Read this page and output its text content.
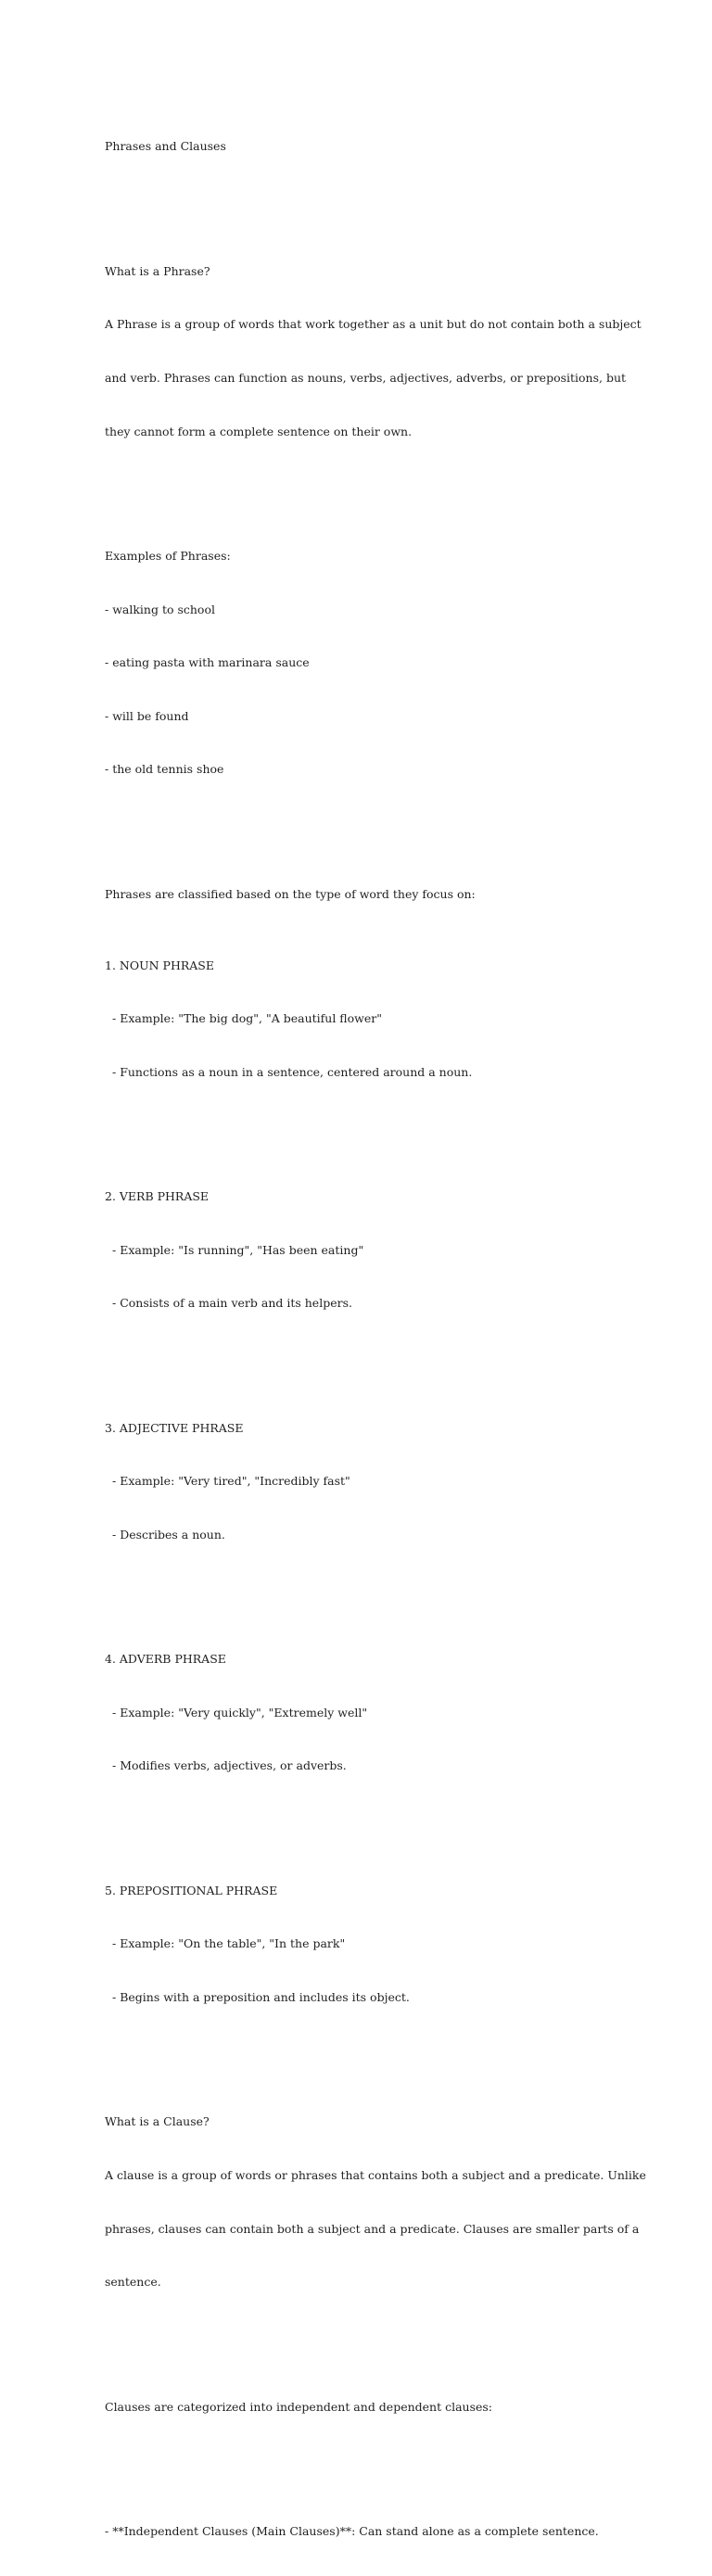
Phrases and Clauses

What is a Phrase?

A Phrase is a group of words that work together as a unit but do not contain both a subject

and verb. Phrases can function as nouns, verbs, adjectives, adverbs, or prepositions, but

they cannot form a complete sentence on their own.

Examples of Phrases:

- walking to school

- eating pasta with marinara sauce

- will be found

- the old tennis shoe

Phrases are classified based on the type of word they focus on:

1. NOUN PHRASE

- Example: "The big dog", "A beautiful flower"

- Functions as a noun in a sentence, centered around a noun.

2. VERB PHRASE

- Example: "Is running", "Has been eating"

- Consists of a main verb and its helpers.

3. ADJECTIVE PHRASE

- Example: "Very tired", "Incredibly fast"

- Describes a noun.

4. ADVERB PHRASE

- Example: "Very quickly", "Extremely well"

- Modifies verbs, adjectives, or adverbs.

5. PREPOSITIONAL PHRASE

- Example: "On the table", "In the park"

- Begins with a preposition and includes its object.

What is a Clause?

A clause is a group of words or phrases that contains both a subject and a predicate. Unlike

phrases, clauses can contain both a subject and a predicate. Clauses are smaller parts of a

sentence.

Clauses are categorized into independent and dependent clauses:

- **Independent Clauses (Main Clauses)**: Can stand alone as a complete sentence.
